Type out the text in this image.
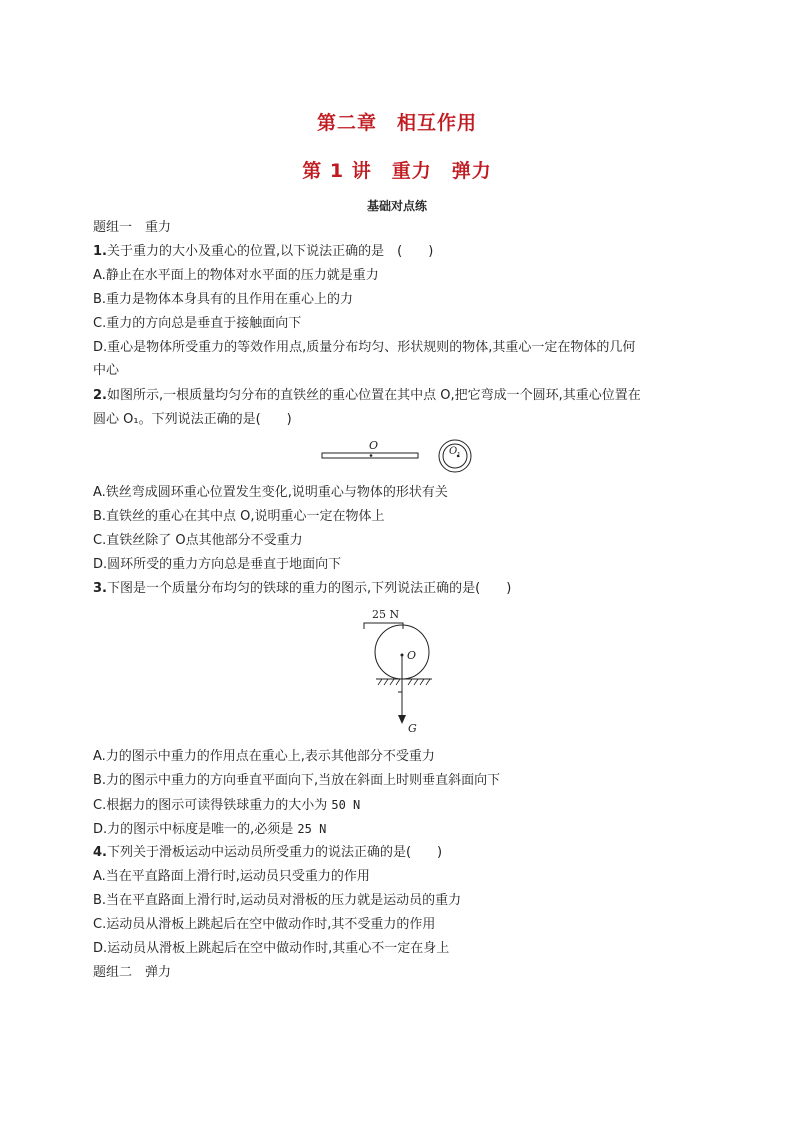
第二章　相互作用
第 1 讲　重力　弹力
基础对点练
题组一　重力
1.关于重力的大小及重心的位置,以下说法正确的是　(　　)
A.静止在水平面上的物体对水平面的压力就是重力
B.重力是物体本身具有的且作用在重心上的力
C.重力的方向总是垂直于接触面向下
D.重心是物体所受重力的等效作用点,质量分布均匀、形状规则的物体,其重心一定在物体的几何
中心
2.如图所示,一根质量均匀分布的直铁丝的重心位置在其中点 O,把它弯成一个圆环,其重心位置在
圆心 O₁。下列说法正确的是(　　)
O	O 1
A.铁丝弯成圆环重心位置发生变化,说明重心与物体的形状有关
B.直铁丝的重心在其中点 O,说明重心一定在物体上
C.直铁丝除了 O点其他部分不受重力
D.圆环所受的重力方向总是垂直于地面向下
3.下图是一个质量分布均匀的铁球的重力的图示,下列说法正确的是(　　)
25 N
O
G
A.力的图示中重力的作用点在重心上,表示其他部分不受重力
B.力的图示中重力的方向垂直平面向下,当放在斜面上时则垂直斜面向下
C.根据力的图示可读得铁球重力的大小为 50 N
D.力的图示中标度是唯一的,必须是 25 N
4.下列关于滑板运动中运动员所受重力的说法正确的是(　　)
A.当在平直路面上滑行时,运动员只受重力的作用
B.当在平直路面上滑行时,运动员对滑板的压力就是运动员的重力
C.运动员从滑板上跳起后在空中做动作时,其不受重力的作用
D.运动员从滑板上跳起后在空中做动作时,其重心不一定在身上
题组二　弹力
